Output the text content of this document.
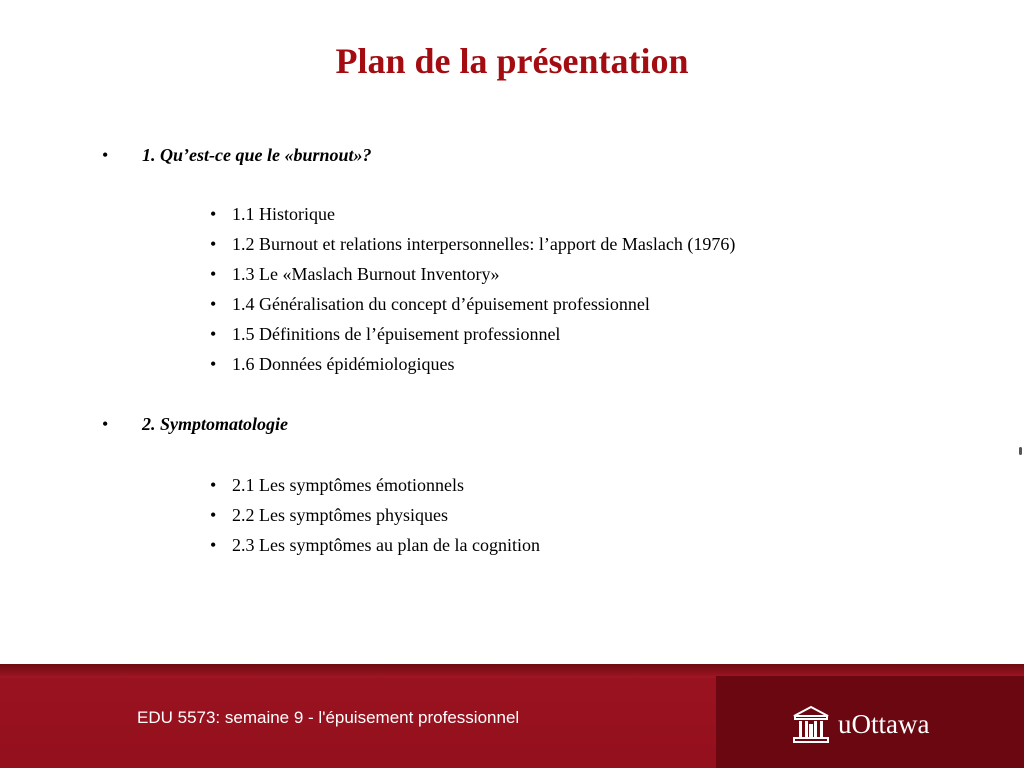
Plan de la présentation
• 1. Qu’est-ce que le «burnout»?
• 1.1 Historique
• 1.2 Burnout et relations interpersonnelles: l’apport de Maslach (1976)
• 1.3 Le «Maslach Burnout Inventory»
• 1.4 Généralisation du concept d’épuisement professionnel
• 1.5 Définitions de l’épuisement professionnel
• 1.6 Données épidémiologiques
• 2. Symptomatologie
• 2.1 Les symptômes émotionnels
• 2.2 Les symptômes physiques
• 2.3 Les symptômes au plan de la cognition
EDU 5573: semaine 9 - l'épuisement professionnel	uOttawa
